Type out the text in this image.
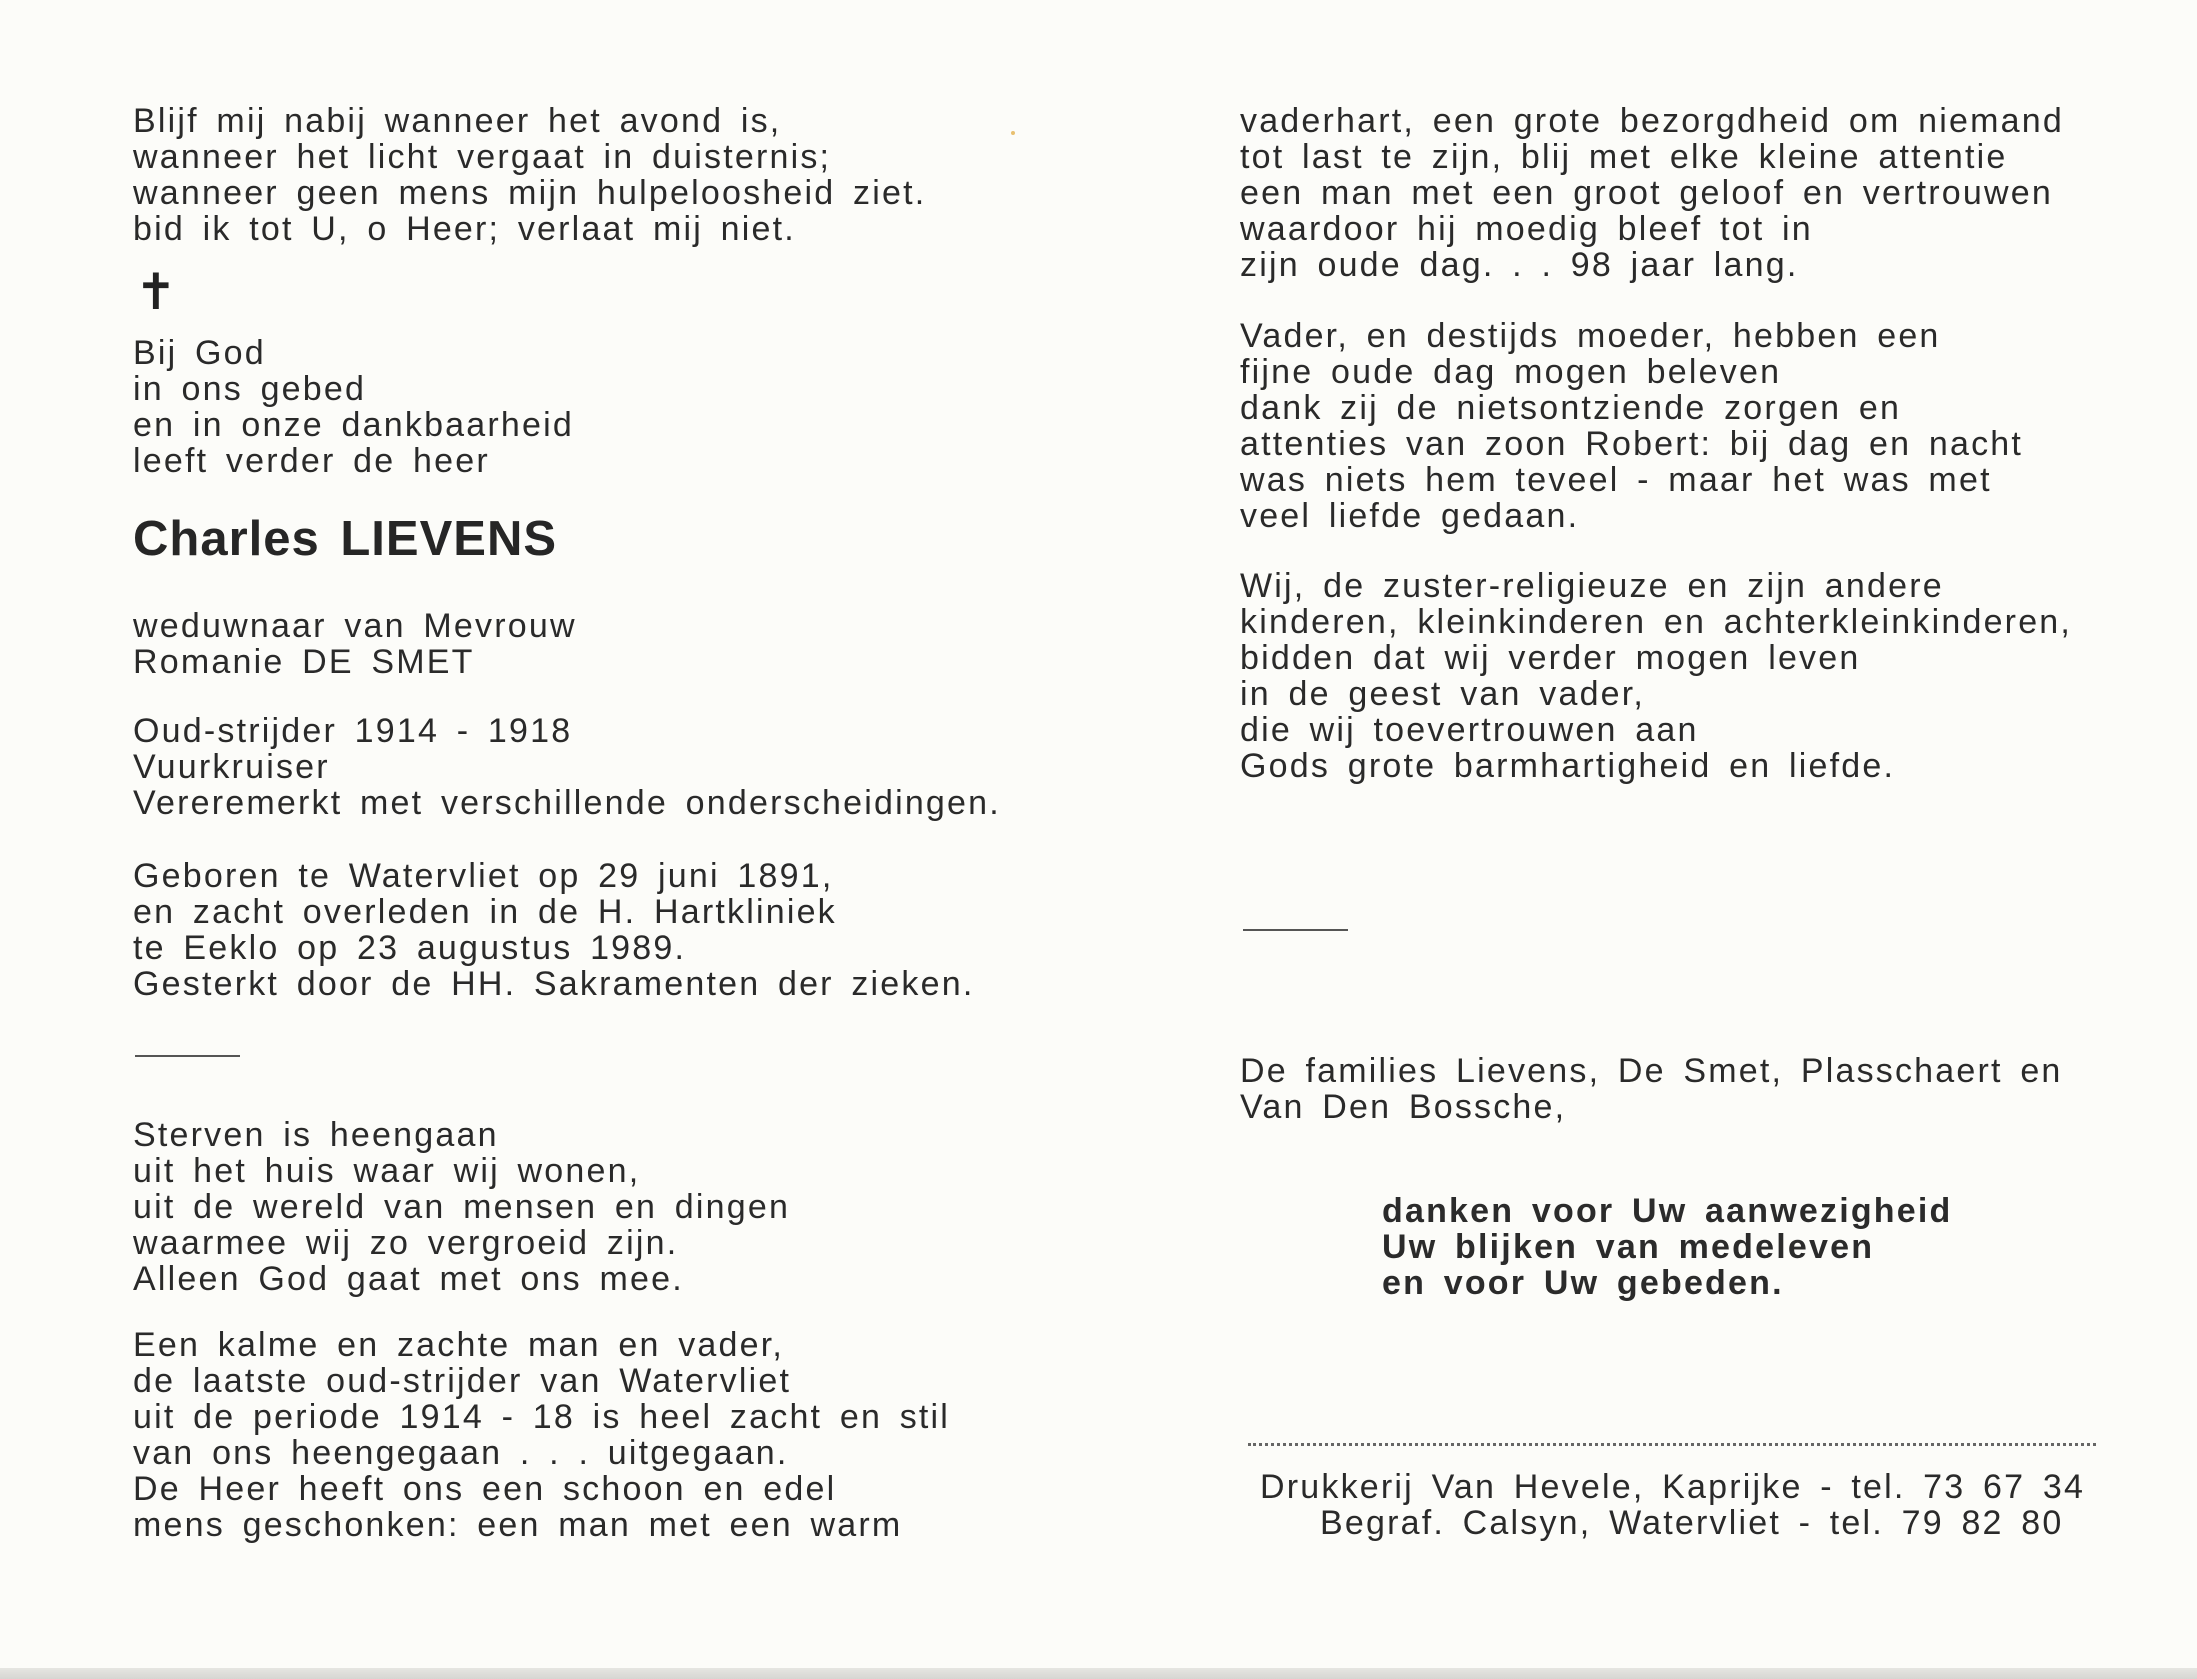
Blijf mij nabij wanneer het avond is,
wanneer het licht vergaat in duisternis;
wanneer geen mens mijn hulpeloosheid ziet.
bid ik tot U, o Heer; verlaat mij niet.
✝
Bij God
in ons gebed
en in onze dankbaarheid
leeft verder de heer
Charles LIEVENS
weduwnaar van Mevrouw
Romanie DE SMET
Oud-strijder 1914 - 1918
Vuurkruiser
Vereremerkt met verschillende onderscheidingen.
Geboren te Watervliet op 29 juni 1891,
en zacht overleden in de H. Hartkliniek
te Eeklo op 23 augustus 1989.
Gesterkt door de HH. Sakramenten der zieken.
Sterven is heengaan
uit het huis waar wij wonen,
uit de wereld van mensen en dingen
waarmee wij zo vergroeid zijn.
Alleen God gaat met ons mee.
Een kalme en zachte man en vader,
de laatste oud-strijder van Watervliet
uit de periode 1914 - 18 is heel zacht en stil
van ons heengegaan . . . uitgegaan.
De Heer heeft ons een schoon en edel
mens geschonken: een man met een warm
vaderhart, een grote bezorgdheid om niemand
tot last te zijn, blij met elke kleine attentie
een man met een groot geloof en vertrouwen
waardoor hij moedig bleef tot in
zijn oude dag. . . 98 jaar lang.
Vader, en destijds moeder, hebben een
fijne oude dag mogen beleven
dank zij de nietsontziende zorgen en
attenties van zoon Robert: bij dag en nacht
was niets hem teveel - maar het was met
veel liefde gedaan.
Wij, de zuster-religieuze en zijn andere
kinderen, kleinkinderen en achterkleinkinderen,
bidden dat wij verder mogen leven
in de geest van vader,
die wij toevertrouwen aan
Gods grote barmhartigheid en liefde.
De families Lievens, De Smet, Plasschaert en
Van Den Bossche,
danken voor Uw aanwezigheid
Uw blijken van medeleven
en voor Uw gebeden.
Drukkerij Van Hevele, Kaprijke - tel. 73 67 34
Begraf. Calsyn, Watervliet - tel. 79 82 80
